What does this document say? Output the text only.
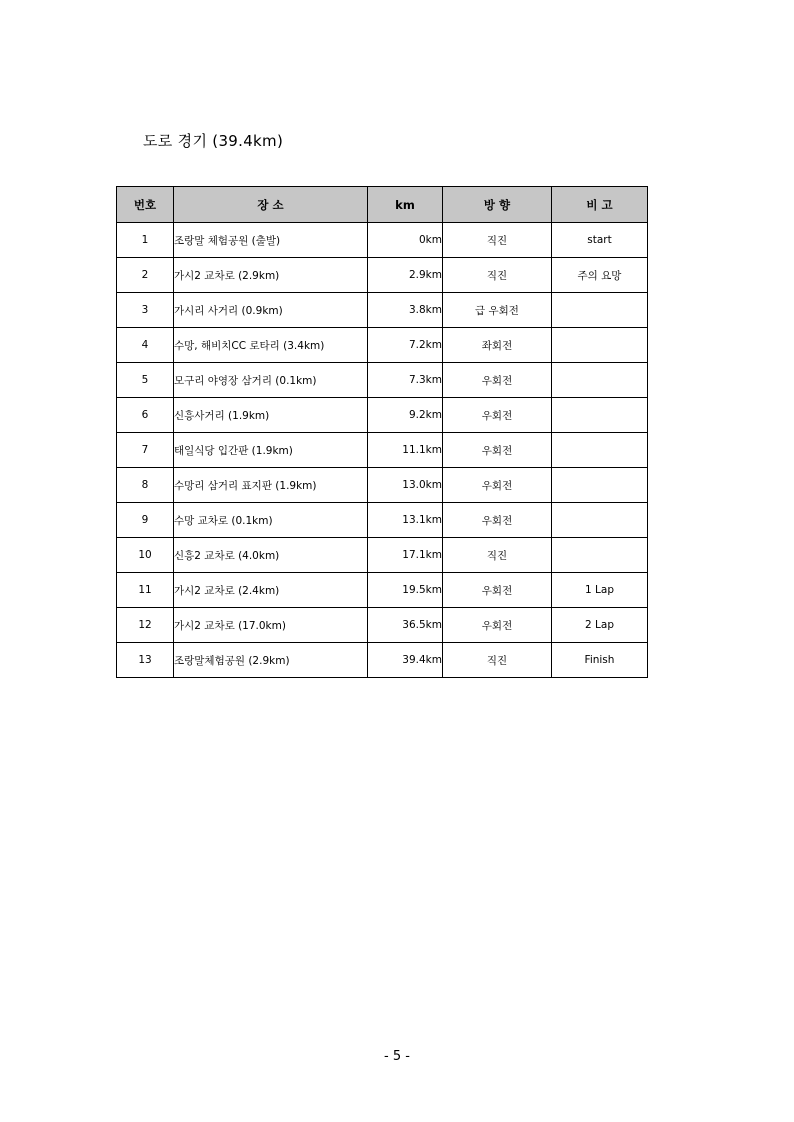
도로 경기 (39.4km)
번호	장 소	km	방 향	비 고
1	조랑말 체험공원 (출발)	0km	직진	start
2	가시2 교차로 (2.9km)	2.9km	직진	주의 요망
3	가시리 사거리 (0.9km)	3.8km	급 우회전	
4	수망, 해비치CC 로타리 (3.4km)	7.2km	좌회전	
5	모구리 야영장 삼거리 (0.1km)	7.3km	우회전	
6	신흥사거리 (1.9km)	9.2km	우회전	
7	태일식당 입간판 (1.9km)	11.1km	우회전	
8	수망리 삼거리 표지판 (1.9km)	13.0km	우회전	
9	수망 교차로 (0.1km)	13.1km	우회전	
10	신흥2 교차로 (4.0km)	17.1km	직진	
11	가시2 교차로 (2.4km)	19.5km	우회전	1 Lap
12	가시2 교차로 (17.0km)	36.5km	우회전	2 Lap
13	조랑말체험공원 (2.9km)	39.4km	직진	Finish
- 5 -
